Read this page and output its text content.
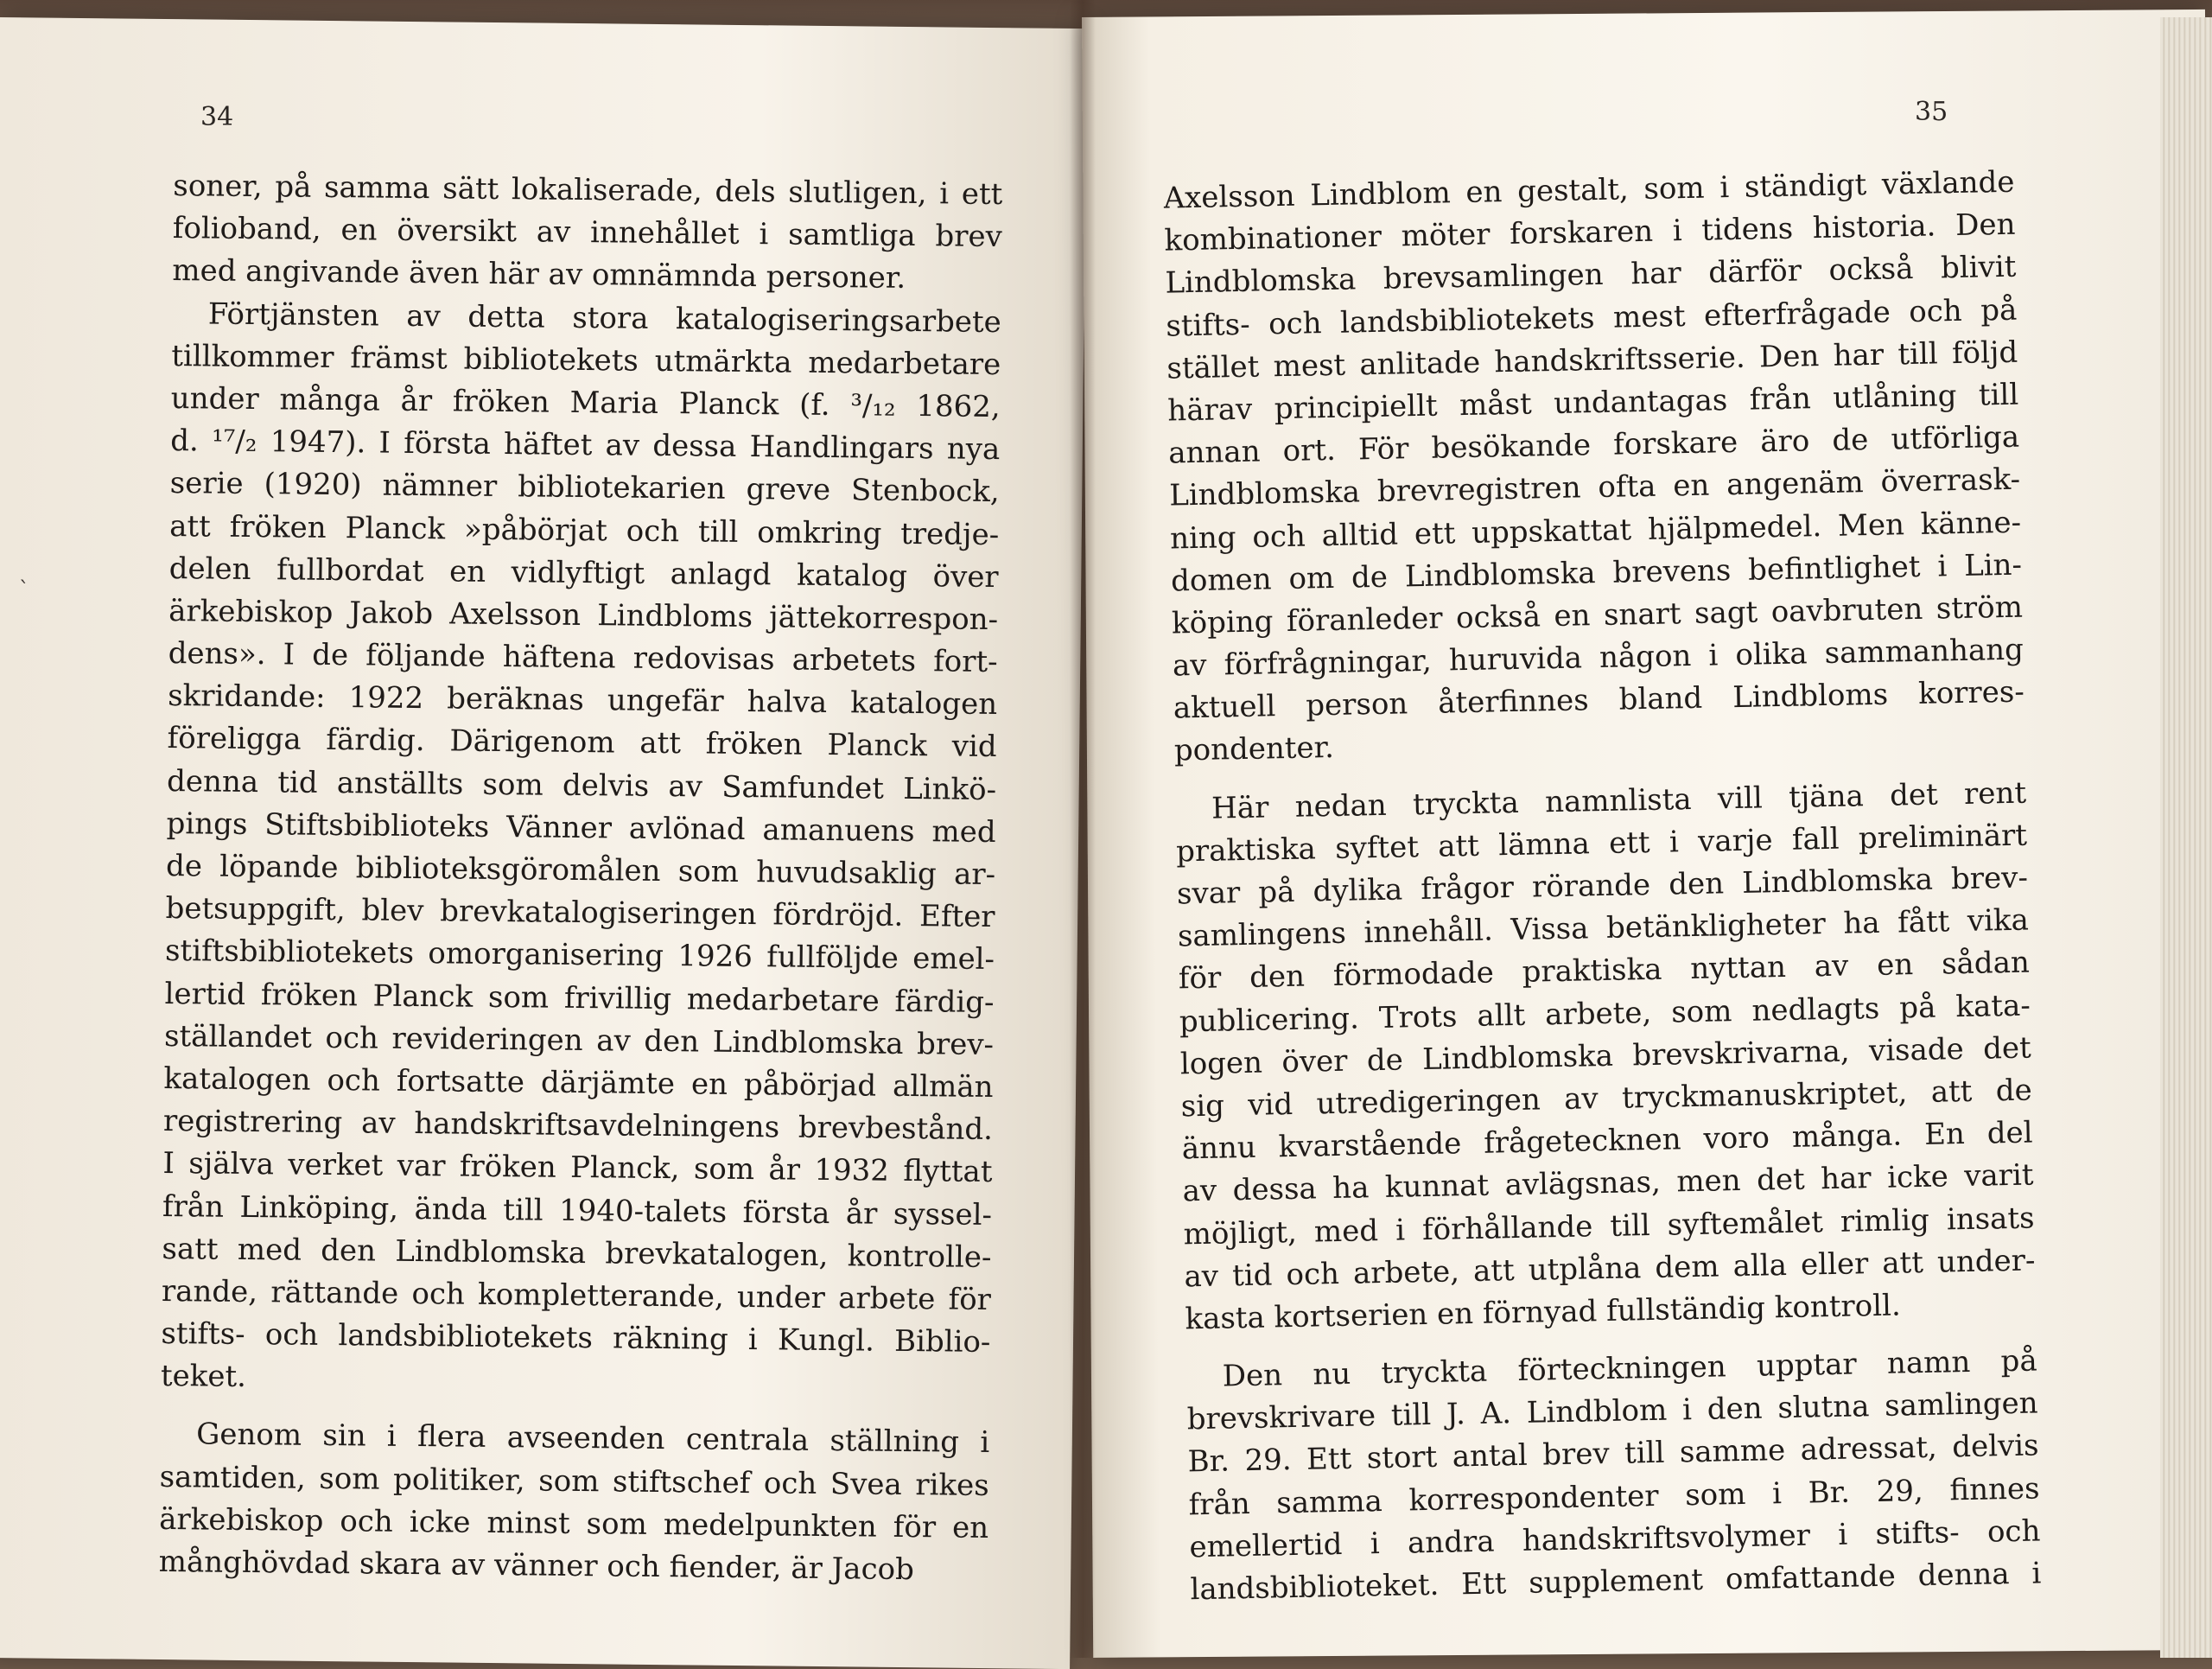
ˋ
34	35
soner, på samma sätt lokaliserade, dels slutligen, i ett
folioband, en översikt av innehållet i samtliga brev
med angivande även här av omnämnda personer.
Förtjänsten av detta stora katalogiseringsarbete
tillkommer främst bibliotekets utmärkta medarbetare
under många år fröken Maria Planck (f. ³/₁₂ 1862,
d. ¹⁷/₂ 1947). I första häftet av dessa Handlingars nya
serie (1920) nämner bibliotekarien greve Stenbock,
att fröken Planck »påbörjat och till omkring tredje-
delen fullbordat en vidlyftigt anlagd katalog över
ärkebiskop Jakob Axelsson Lindbloms jättekorrespon-
dens». I de följande häftena redovisas arbetets fort-
skridande: 1922 beräknas ungefär halva katalogen
föreligga färdig. Därigenom att fröken Planck vid
denna tid anställts som delvis av Samfundet Linkö-
pings Stiftsbiblioteks Vänner avlönad amanuens med
de löpande biblioteksgöromålen som huvudsaklig ar-
betsuppgift, blev brevkatalogiseringen fördröjd. Efter
stiftsbibliotekets omorganisering 1926 fullföljde emel-
lertid fröken Planck som frivillig medarbetare färdig-
ställandet och revideringen av den Lindblomska brev-
katalogen och fortsatte därjämte en påbörjad allmän
registrering av handskriftsavdelningens brevbestånd.
I själva verket var fröken Planck, som år 1932 flyttat
från Linköping, ända till 1940-talets första år syssel-
satt med den Lindblomska brevkatalogen, kontrolle-
rande, rättande och kompletterande, under arbete för
stifts- och landsbibliotekets räkning i Kungl. Biblio-
teket.
Genom sin i flera avseenden centrala ställning i
samtiden, som politiker, som stiftschef och Svea rikes
ärkebiskop och icke minst som medelpunkten för en
månghövdad skara av vänner och fiender, är Jacob
Axelsson Lindblom en gestalt, som i ständigt växlande
kombinationer möter forskaren i tidens historia. Den
Lindblomska brevsamlingen har därför också blivit
stifts- och landsbibliotekets mest efterfrågade och på
stället mest anlitade handskriftsserie. Den har till följd
härav principiellt måst undantagas från utlåning till
annan ort. För besökande forskare äro de utförliga
Lindblomska brevregistren ofta en angenäm överrask-
ning och alltid ett uppskattat hjälpmedel. Men känne-
domen om de Lindblomska brevens befintlighet i Lin-
köping föranleder också en snart sagt oavbruten ström
av förfrågningar, huruvida någon i olika sammanhang
aktuell person återfinnes bland Lindbloms korres-
pondenter.
Här nedan tryckta namnlista vill tjäna det rent
praktiska syftet att lämna ett i varje fall preliminärt
svar på dylika frågor rörande den Lindblomska brev-
samlingens innehåll. Vissa betänkligheter ha fått vika
för den förmodade praktiska nyttan av en sådan
publicering. Trots allt arbete, som nedlagts på kata-
logen över de Lindblomska brevskrivarna, visade det
sig vid utredigeringen av tryckmanuskriptet, att de
ännu kvarstående frågetecknen voro många. En del
av dessa ha kunnat avlägsnas, men det har icke varit
möjligt, med i förhållande till syftemålet rimlig insats
av tid och arbete, att utplåna dem alla eller att under-
kasta kortserien en förnyad fullständig kontroll.
Den nu tryckta förteckningen upptar namn på
brevskrivare till J. A. Lindblom i den slutna samlingen
Br. 29. Ett stort antal brev till samme adressat, delvis
från samma korrespondenter som i Br. 29, finnes
emellertid i andra handskriftsvolymer i stifts- och
landsbiblioteket. Ett supplement omfattande denna i
